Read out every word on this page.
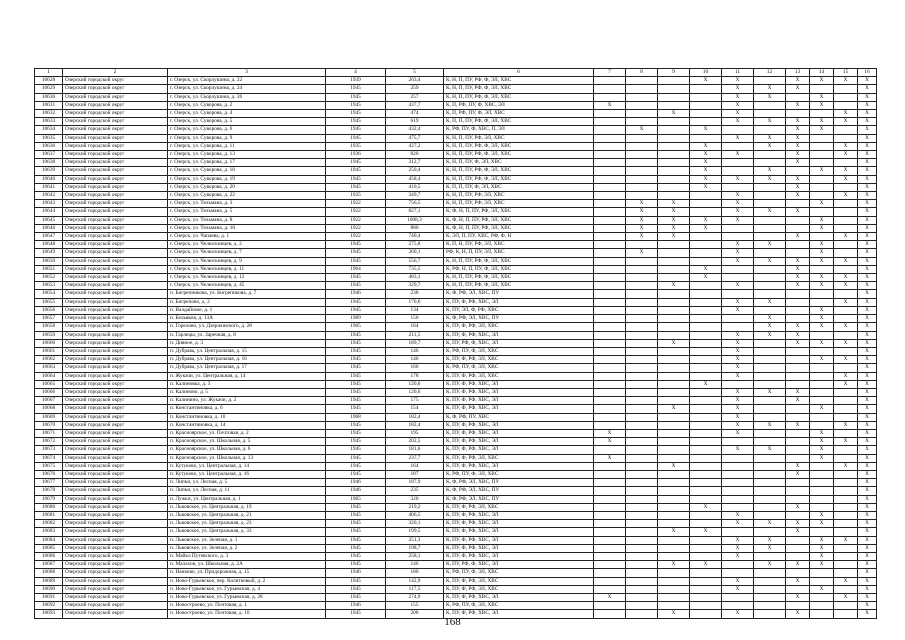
1	2	3	4	5	6	7	8	9	10	11	12	13	14	15	16
10628	Озерский городской округ	г. Озерск, ул. Скорлушина, д. 22	1939	263,4	К, Н, П, ПУ, РФ, Ф, ЭЛ, ХВС				Х	Х		Х	Х	Х	Х
10629	Озерский городской округ	г. Озерск, ул. Скорлушина, д. 24	1945	259	К, Н, П, ПУ, РФ, Ф, ЭЛ, ХВС					Х	Х	Х			Х
10630	Озерский городской округ	г. Озерск, ул. Скорлушина, д. 26	1945	257	К, Н, П, ПУ, РФ, Ф, ЭЛ, ХВС					Х	Х		Х		Х
10631	Озерский городской округ	г. Озерск, ул. Суворова, д. 2	1945	437,7	К, П, РФ, ПУ, Ф, ХВС, ЭЛ	Х				Х		Х	Х		Х
10632	Озерский городской округ	г. Озерск, ул. Суворова, д. 4	1945	474	К, П, РФ, ПУ, Ф, ЭЛ, ХВС			Х		Х				Х	Х
10633	Озерский городской округ	г. Озерск, ул. Суворова, д. 5	1945	619	К, П, П, ПУ, РФ, Ф, ЭЛ, ХВС					Х	Х	Х	Х	Х	Х
10634	Озерский городской округ	г. Озерск, ул. Суворова, д. 6	1945	432,4	К, РФ, ПУ, Ф, ХВС, П, ЭЛ		Х		Х			Х	Х		Х
10635	Озерский городской округ	г. Озерск, ул. Суворова, д. 9	1945	475,7	К, Н, П, ПУ, РФ, ЭЛ, ХВС					Х	Х	Х			Х
10636	Озерский городской округ	г. Озерск, ул. Суворова, д. 11	1935	427,2	К, Н, П, ПУ, РФ, Ф, ЭЛ, ХВС				Х		Х	Х		Х	Х
10637	Озерский городской округ	г. Озерск, ул. Суворова, д. 13	1936	820	К, Н, П, ПУ, РФ, Ф, ЭЛ, ХВС				Х	Х		Х		Х	Х
10638	Озерский городской округ	г. Озерск, ул. Суворова, д. 17	1945	312,7	К, Н, П, ПУ, Ф, ЭЛ, ХВС				Х			Х			Х
10639	Озерский городской округ	г. Озерск, ул. Суворова, д. 18	1945	250,4	К, Н, П, ПУ, РФ, Ф, ЭЛ, ХВС				Х		Х		Х	Х	Х
10640	Озерский городской округ	г. Озерск, ул. Суворова, д. 19	1945	458,4	К, Н, П, ПУ, РФ, Ф, ЭЛ, ХВС				Х	Х	Х	Х		Х	Х
10641	Озерский городской округ	г. Озерск, ул. Суворова, д. 20	1945	410,5	К, П, П, ПУ, Ф, ЭЛ, ХВС				Х			Х			Х
10642	Озерский городской округ	г. Озерск, ул. Суворова, д. 22	1935	349,7	К, Н, П, ПУ, РФ, ЭЛ, ХВС					Х		Х		Х	Х
10643	Озерский городской округ	г. Озерск, ул. Тельмана, д. 3	1922	756,5	К, Н, П, ПУ, РФ, ЭЛ, ХВС		Х	Х		Х			Х		Х
10644	Озерский городской округ	г. Озерск, ул. Тельмана, д. 5	1922	827,1	К, Ф, Н, П, ПУ, РФ, ЭЛ, ХВС		Х	Х		Х	Х	Х			Х
10645	Озерский городской округ	г. Озерск, ул. Тельмана, д. 8	1922	1008,3	К, Ф, Н, П, ПУ, РФ, ЭЛ, ХВС		Х	Х	Х	Х			Х		Х
10646	Озерский городской округ	г. Озерск, ул. Тельмана, д. 10	1922	880	К, Ф, Н, П, ПУ, РФ, ЭЛ, ХВС		Х	Х	Х				Х		Х
10647	Озерский городской округ	г. Озерск, ул. Чапаева, д. 1	1922	740,4	К, ЭЛ, П, ПУ, ХВС, РФ, Ф, Н		Х	Х				Х		Х	Х
10648	Озерский городской округ	г. Озерск, ул. Челюскинцев, д. 2	1945	275,8	К, П, Н, ПУ, РФ, ЭЛ, ХВС					Х	Х		Х		Х
10649	Озерский городской округ	г. Озерск, ул. Челюскинцев, д. 7	1945	360,1	РФ, К, Н, П, ПУ, ЭЛ, ХВС		Х			Х			Х		Х
10650	Озерский городской округ	г. Озерск, ул. Челюскинцев, д. 9	1945	556,7	К, Н, П, ПУ, РФ, Ф, ЭЛ, ХВС					Х	Х	Х	Х	Х	Х
10651	Озерский городской округ	г. Озерск, ул. Челюскинцев, д. 11	1964	735,5	К, РФ, Н, П, ПУ, Ф, ЭЛ, ХВС				Х			Х			Х
10652	Озерский городской округ	г. Озерск, ул. Челюскинцев, д. 12	1945	483,1	К, Н, П, ПУ, РФ, Ф, ЭЛ, ХВС				Х			Х	Х	Х	Х
10653	Озерский городской округ	г. Озерск, ул. Челюскинцев, д. 45	1945	329,7	К, Н, П, ПУ, РФ, Ф, ЭЛ, ХВС			Х		Х		Х	Х	Х	Х
10654	Озерский городской округ	п. Бигрепникова, ул. Бигрепикова, д. 7	1946	238	К, Ф, РФ, ЭЛ, ХВС, ПУ										Х
10655	Озерский городской округ	п. Бигрепово, д. 2	1945	170,6	К, ПУ, Ф, РФ, ХВС, ЭЛ					Х	Х			Х	Х
10656	Озерский городской округ	п. Валдайское, д. 1	1945	134	К, ПУ, ЭЛ, Ф, РФ, ХВС					Х			Х		Х
10657	Озерский городской округ	п. Бельяков, д. 13А	1989	150	К, Ф, РФ, ЭЛ, ХВС, ПУ						Х		Х		Х
10658	Озерский городской округ	п. Горелово, ул. Дзержинского, д. 28	1965	164	К, ПУ, Ф, РФ, ЭЛ, ХВС						Х	Х	Х	Х	Х
10659	Озерский городской округ	п. Гарлецы, ул. Заречная, д. 8	1945	211,5	К, ПУ, Ф, РФ, ХВС, ЭЛ					Х	Х	Х			Х
10660	Озерский городской округ	п. Дивное, д. 3	1945	189,7	К, ПУ, РФ, Ф, ХВС, ЭЛ			Х		Х		Х	Х	Х	Х
10661	Озерский городской округ	п. Дубрава, ул. Центральная, д. 15	1945	146	К, РФ, ПУ, Ф, ЭЛ, ХВС					Х					Х
10662	Озерский городской округ	п. Дубрава, ул. Центральная, д. 16	1945	146	К, ПУ, Ф, РФ, ЭЛ, ХВС					Х			Х	Х	Х
10663	Озерский городской округ	п. Дубрава, ул. Центральная, д. 17	1945	160	К, РФ, ПУ, Ф, ЭЛ, ХВС					Х					Х
10664	Озерский городской округ	п. Жукачи, ул. Центральная, д. 14	1945	178	К, ПУ, Ф, РФ, ЭЛ, ХВС					Х				Х	Х
10665	Озерский городской округ	п. Калиновка, д. 3	1945	120,6	К, ПУ, Ф, РФ, ХВС, ЭЛ				Х					Х	Х
10666	Озерский городской округ	п. Калиново, д. 5	1945	120,6	К, ПУ, Ф, РФ, ХВС, ЭЛ					Х	Х	Х			Х
10667	Озерский городской округ	п. Калинино, ул. Жукачи, д. 2	1945	175	К, ПУ, Ф, РФ, ХВС, ЭЛ					Х		Х			Х
10668	Озерский городской округ	п. Константиновка, д. 6	1945	154	К, ПУ, Ф, РФ, ХВС, ЭЛ			Х		Х			Х		Х
10669	Озерский городской округ	п. Константиновка, д. 10	1968	182,4	К, Ф, РФ, ПУ, ХВС					Х					Х
10670	Озерский городской округ	п. Константиновка, д. 14	1945	182,4	К, ПУ, Ф, РФ, ХВС, ЭЛ					Х	Х	Х		Х	Х
10671	Озерский городской округ	п. Красноярское, ул. Почтовая, д. 2	1945	195	К, ПУ, Ф, РФ, ХВС, ЭЛ	Х				Х			Х		Х
10672	Озерский городской округ	п. Красноярское, ул. Школьная, д. 5	1945	202,5	К, ПУ, Ф, РФ, ХВС, ЭЛ	Х							Х	Х	Х
10673	Озерский городской округ	п. Красноярское, ул. Школьная, д. 6	1945	181,6	К, ПУ, Ф, РФ, ХВС, ЭЛ					Х	Х		Х		Х
10674	Озерский городской округ	п. Красноярское, ул. Школьная, д. 13	1945	237,7	К, ПУ, Ф, РФ, ЭЛ, ХВС	Х							Х		Х
10675	Озерский городской округ	п. Кутуково, ул. Центральная, д. 14	1945	164	К, ПУ, Ф, РФ, ХВС, ЭЛ			Х				Х		Х	Х
10676	Озерский городской округ	п. Кутуково, ул. Центральная, д. 16	1945	187	К, РФ, ПУ, Ф, ЭЛ, ХВС							Х			Х
10677	Озерский городской округ	п. Липки, ул. Лесная, д. 5	1946	187,9	К, Ф, РФ, ЭЛ, ХВС, ПУ										Х
10678	Озерский городской округ	п. Липки, ул. Лесная, д. 11	1946	235	К, Ф, РФ, ЭЛ, ХВС, ПУ										Х
10679	Озерский городской округ	п. Лужки, ул. Центральная, д. 1	1965	320	К, Ф, РФ, ЭЛ, ХВС, ПУ										Х
10680	Озерский городской округ	п. Львовское, ул. Центральная, д. 19	1945	219,2	К, ПУ, Ф, РФ, ЭЛ, ХВС				Х			Х			Х
10681	Озерский городской округ	п. Львовское, ул. Центральная, д. 21	1945	406,5	К, ПУ, Ф, РФ, ХВС, ЭЛ					Х			Х		Х
10682	Озерский городской округ	п. Львовское, ул. Центральная, д. 23	1945	320,1	К, ПУ, Ф, РФ, ХВС, ЭЛ					Х	Х	Х	Х		Х
10683	Озерский городской округ	п. Львовское, ул. Центральная, д. 33	1945	199,5	К, ПУ, Ф, РФ, ХВС, ЭЛ			Х	Х			Х			Х
10684	Озерский городской округ	п. Львовское, ул. Зеленая, д. 1	1945	251,3	К, ПУ, Ф, РФ, ХВС, ЭЛ					Х	Х		Х	Х	Х
10685	Озерский городской округ	п. Львовское, ул. Зеленая, д. 2	1945	198,7	К, ПУ, Ф, РФ, ХВС, ЭЛ					Х	Х		Х		Х
10686	Озерский городской округ	п. Майкл Путевского, д. 3	1945	258,1	К, ПУ, Ф, РФ, ХВС, ЭЛ					Х			Х		Х
10687	Озерский городской округ	п. Малахов, ул. Школьная, д. 2А	1945	146	К, ПУ, РФ, Ф, ХВС, ЭЛ			Х	Х		Х	Х	Х		Х
10688	Озерский городской округ	п. Нанково, ул. Придорожная, д. 15	1946	180	К, РФ, ПУ, Ф, ЭЛ, ХВС										Х
10689	Озерский городской округ	п. Ново-Гурьевское, пер. Калитковый, д. 2	1945	142,9	К, ПУ, Ф, РФ, ЭЛ, ХВС					Х		Х		Х	Х
10690	Озерский городской округ	п. Ново-Гурьевское, ул. Гурьевская, д. 4	1945	117,5	К, ПУ, Ф, РФ, ЭЛ, ХВС					Х			Х		Х
10691	Озерский городской округ	п. Ново-Гурьевское, ул. Гурьевская, д. 28	1945	274,9	К, ПУ, Ф, РФ, ХВС, ЭЛ	Х						Х		Х	Х
10692	Озерский городской округ	п. Новостроево, ул. Почтовая, д. 1	1946	155	К, РФ, ПУ, Ф, ЭЛ, ХВС										Х
10693	Озерский городской округ	п. Новостроево, ул. Почтовая, д. 10	1945	208	К, ПУ, Ф, РФ, ХВС, ЭЛ			Х		Х		Х			Х
168
